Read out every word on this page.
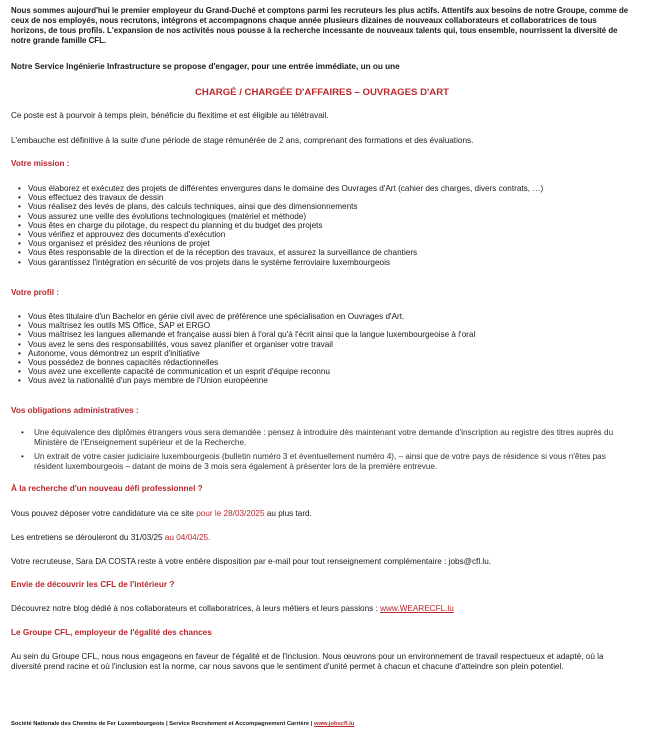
Nous sommes aujourd'hui le premier employeur du Grand-Duché et comptons parmi les recruteurs les plus actifs. Attentifs aux besoins de notre Groupe, comme de ceux de nos employés, nous recrutons, intégrons et accompagnons chaque année plusieurs dizaines de nouveaux collaborateurs et collaboratrices de tous horizons, de tous profils. L'expansion de nos activités nous pousse à la recherche incessante de nouveaux talents qui, tous ensemble, nourrissent la diversité de notre grande famille CFL.

Notre Service Ingénierie Infrastructure se propose d'engager, pour une entrée immédiate, un ou une

CHARGÉ / CHARGÉE D'AFFAIRES – OUVRAGES D'ART

Ce poste est à pourvoir à temps plein, bénéficie du flexitime et est éligible au télétravail.

L'embauche est définitive à la suite d'une période de stage rémunérée de 2 ans, comprenant des formations et des évaluations.

Votre mission :

• Vous élaborez et exécutez des projets de différentes envergures dans le domaine des Ouvrages d'Art (cahier des charges, divers contrats, …)
• Vous effectuez des travaux de dessin
• Vous réalisez des levés de plans, des calculs techniques, ainsi que des dimensionnements
• Vous assurez une veille des évolutions technologiques (matériel et méthode)
• Vous êtes en charge du pilotage, du respect du planning et du budget des projets
• Vous vérifiez et approuvez des documents d'exécution
• Vous organisez et présidez des réunions de projet
• Vous êtes responsable de la direction et de la réception des travaux, et assurez la surveillance de chantiers
• Vous garantissez l'intégration en sécurité de vos projets dans le système ferroviaire luxembourgeois

Votre profil :

• Vous êtes titulaire d'un Bachelor en génie civil avec de préférence une spécialisation en Ouvrages d'Art.
• Vous maîtrisez les outils MS Office, SAP et ERGO
• Vous maîtrisez les langues allemande et française aussi bien à l'oral qu'à l'écrit ainsi que la langue luxembourgeoise à l'oral
• Vous avez le sens des responsabilités, vous savez planifier et organiser votre travail
• Autonome, vous démontrez un esprit d'initiative
• Vous possédez de bonnes capacités rédactionnelles
• Vous avez une excellente capacité de communication et un esprit d'équipe reconnu
• Vous avez la nationalité d'un pays membre de l'Union européenne

Vos obligations administratives :

• Une équivalence des diplômes étrangers vous sera demandée : pensez à introduire dès maintenant votre demande d'inscription au registre des titres auprès du Ministère de l'Enseignement supérieur et de la Recherche.
• Un extrait de votre casier judiciaire luxembourgeois (bulletin numéro 3 et éventuellement numéro 4), – ainsi que de votre pays de résidence si vous n'êtes pas résident luxembourgeois – datant de moins de 3 mois sera également à présenter lors de la première entrevue.

À la recherche d'un nouveau défi professionnel ?

Vous pouvez déposer votre candidature via ce site pour le 28/03/2025 au plus tard.

Les entretiens se dérouleront du 31/03/25 au 04/04/25.

Votre recruteuse, Sara DA COSTA reste à votre entière disposition par e-mail pour tout renseignement complémentaire : jobs@cfl.lu.

Envie de découvrir les CFL de l'intérieur ?

Découvrez notre blog dédié à nos collaborateurs et collaboratrices, à leurs métiers et leurs passions : www.WEARECFL.lu

Le Groupe CFL, employeur de l'égalité des chances

Au sein du Groupe CFL, nous nous engageons en faveur de l'égalité et de l'inclusion. Nous œuvrons pour un environnement de travail respectueux et adapté, où la diversité prend racine et où l'inclusion est la norme, car nous savons que le sentiment d'unité permet à chacun et chacune d'atteindre son plein potentiel.

Société Nationale des Chemins de Fer Luxembourgeois | Service Recrutement et Accompagnement Carrière | www.jobscfl.lu
